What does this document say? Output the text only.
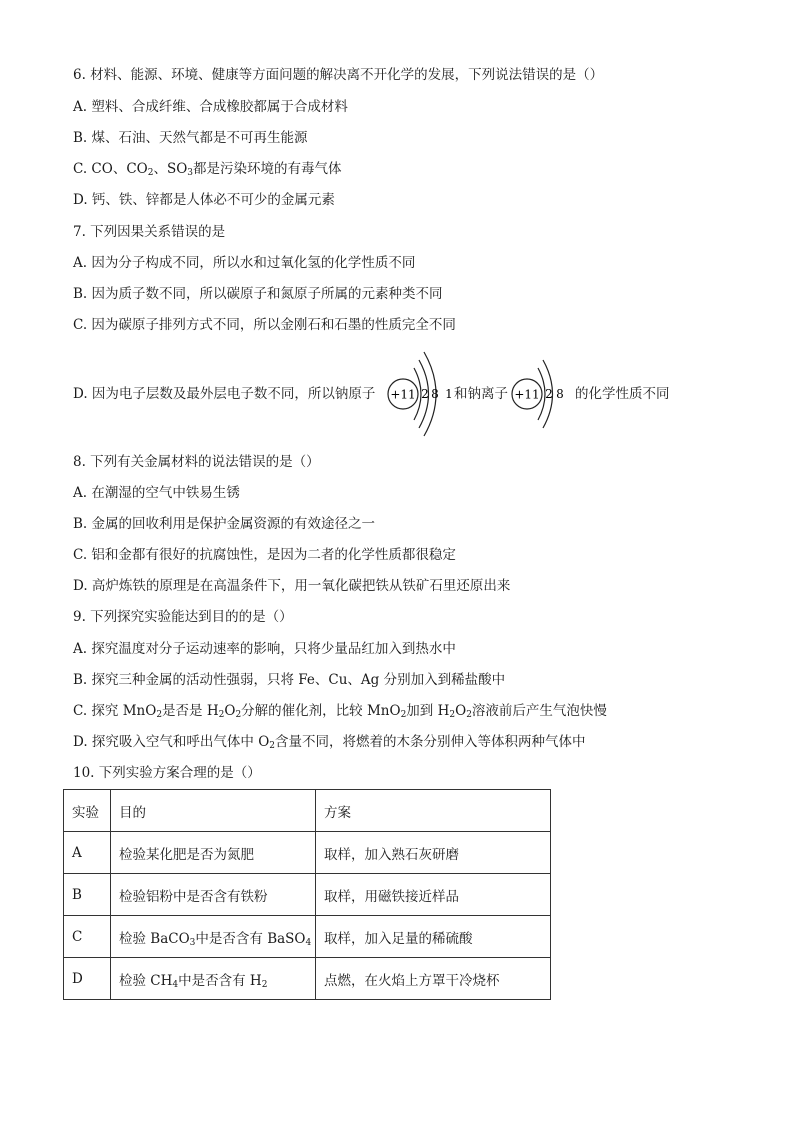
6. 材料、能源、环境、健康等方面问题的解决离不开化学的发展，下列说法错误的是（）
A. 塑料、合成纤维、合成橡胶都属于合成材料
B. 煤、石油、天然气都是不可再生能源
C. CO、$CO_2$、$SO_3$都是污染环境的有毒气体
D. 钙、铁、锌都是人体必不可少的金属元素
7. 下列因果关系错误的是
A. 因为分子构成不同，所以水和过氧化氢的化学性质不同
B. 因为质子数不同，所以碳原子和氮原子所属的元素种类不同
C. 因为碳原子排列方式不同，所以金刚石和石墨的性质完全不同
D. 因为电子层数及最外层电子数不同，所以钠原子	和钠离子	的化学性质不同
+11 2 8 1	+11 2 8
8. 下列有关金属材料的说法错误的是（）
A. 在潮湿的空气中铁易生锈
B. 金属的回收利用是保护金属资源的有效途径之一
C. 铝和金都有很好的抗腐蚀性，是因为二者的化学性质都很稳定
D. 高炉炼铁的原理是在高温条件下，用一氧化碳把铁从铁矿石里还原出来
9. 下列探究实验能达到目的的是（）
A. 探究温度对分子运动速率的影响，只将少量品红加入到热水中
B. 探究三种金属的活动性强弱，只将 Fe、Cu、Ag 分别加入到稀盐酸中
C. 探究 MnO$_2$是否是 $H_2O_2$分解的催化剂，比较 MnO$_2$加到 $H_2O_2$溶液前后产生气泡快慢
D. 探究吸入空气和呼出气体中 $O_2$含量不同，将燃着的木条分别伸入等体积两种气体中
10. 下列实验方案合理的是（）
实验	目的	方案
A	检验某化肥是否为氮肥	取样，加入熟石灰研磨
B	检验铝粉中是否含有铁粉	取样，用磁铁接近样品
C	检验 BaCO$_3$中是否含有 BaSO$_4$	取样，加入足量的稀硫酸
D	检验 $CH_4$中是否含有 $H_2$	点燃，在火焰上方罩干冷烧杯
